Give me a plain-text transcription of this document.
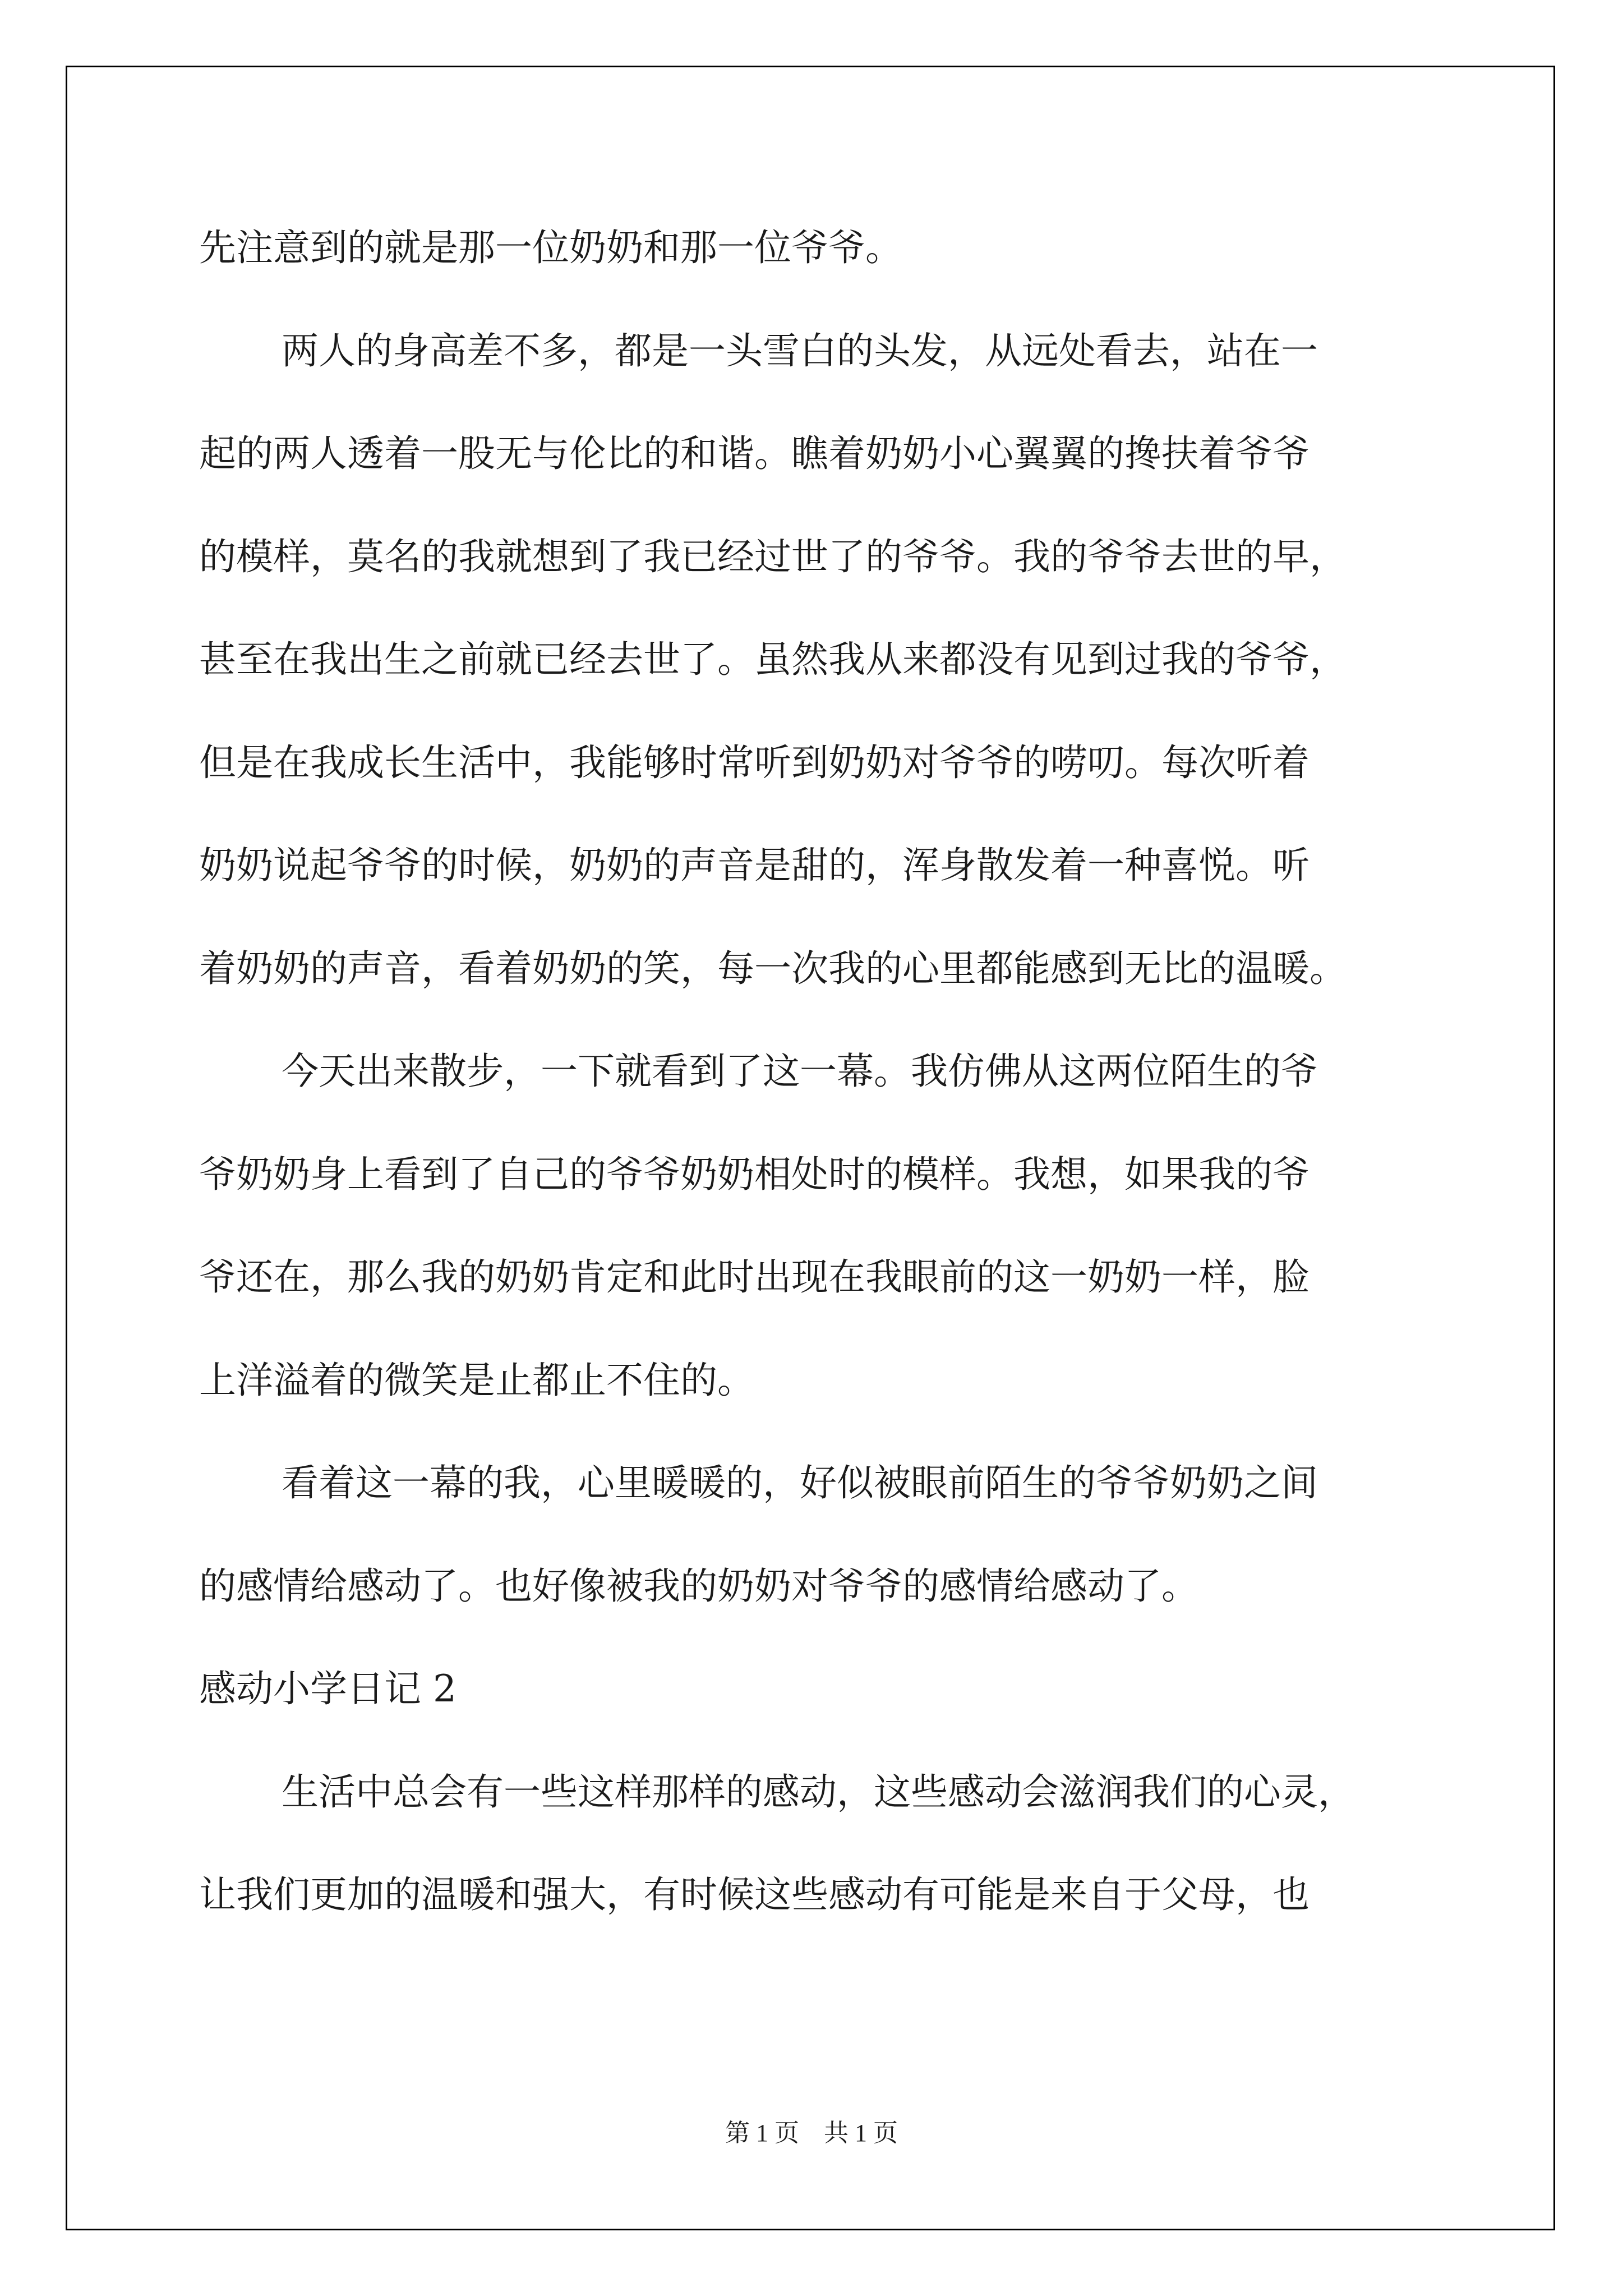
先注意到的就是那一位奶奶和那一位爷爷。
两人的身高差不多，都是一头雪白的头发，从远处看去，站在一
起的两人透着一股无与伦比的和谐。瞧着奶奶小心翼翼的搀扶着爷爷
的模样，莫名的我就想到了我已经过世了的爷爷。我的爷爷去世的早，
甚至在我出生之前就已经去世了。虽然我从来都没有见到过我的爷爷，
但是在我成长生活中，我能够时常听到奶奶对爷爷的唠叨。每次听着
奶奶说起爷爷的时候，奶奶的声音是甜的，浑身散发着一种喜悦。听
着奶奶的声音，看着奶奶的笑，每一次我的心里都能感到无比的温暖。
今天出来散步，一下就看到了这一幕。我仿佛从这两位陌生的爷
爷奶奶身上看到了自己的爷爷奶奶相处时的模样。我想，如果我的爷
爷还在，那么我的奶奶肯定和此时出现在我眼前的这一奶奶一样，脸
上洋溢着的微笑是止都止不住的。
看着这一幕的我，心里暖暖的，好似被眼前陌生的爷爷奶奶之间
的感情给感动了。也好像被我的奶奶对爷爷的感情给感动了。
感动小学日记 2
生活中总会有一些这样那样的感动，这些感动会滋润我们的心灵，
让我们更加的温暖和强大，有时候这些感动有可能是来自于父母，也
第 1 页　共 1 页
